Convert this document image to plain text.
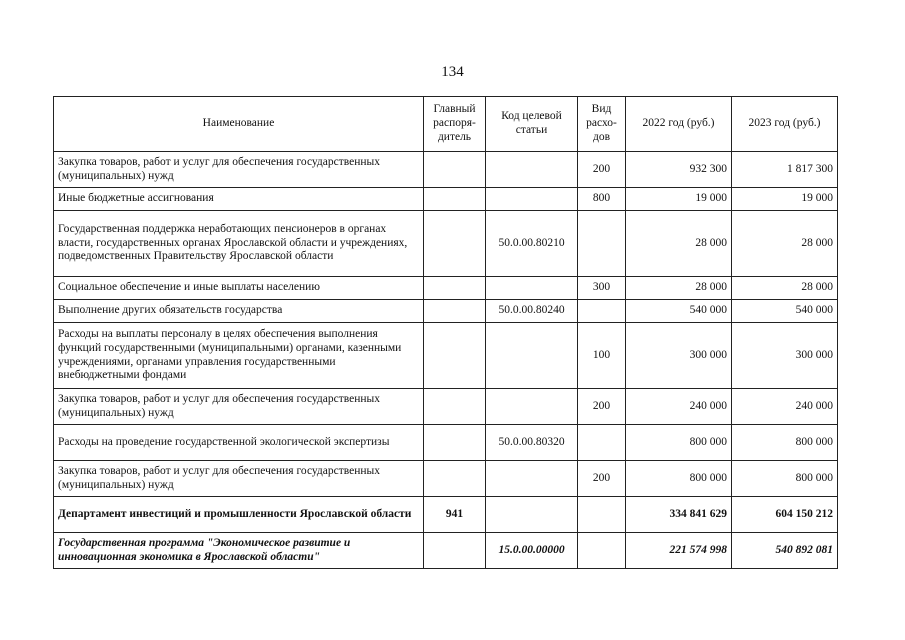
134
Наименование	Главный распоря-дитель	Код целевой статьи	Вид расхо-дов	2022 год (руб.)	2023 год (руб.)
Закупка товаров, работ и услуг для обеспечения государственных (муниципальных) нужд			200	932 300	1 817 300
Иные бюджетные ассигнования			800	19 000	19 000
Государственная поддержка неработающих пенсионеров в органах власти, государственных органах Ярославской области и учреждениях, подведомственных Правительству Ярославской области		50.0.00.80210		28 000	28 000
Социальное обеспечение и иные выплаты населению			300	28 000	28 000
Выполнение других обязательств государства		50.0.00.80240		540 000	540 000
Расходы на выплаты персоналу в целях обеспечения выполнения функций государственными (муниципальными) органами, казенными учреждениями, органами управления государственными внебюджетными фондами			100	300 000	300 000
Закупка товаров, работ и услуг для обеспечения государственных (муниципальных) нужд			200	240 000	240 000
Расходы на проведение государственной экологической экспертизы		50.0.00.80320		800 000	800 000
Закупка товаров, работ и услуг для обеспечения государственных (муниципальных) нужд			200	800 000	800 000
Департамент инвестиций и промышленности Ярославской области	941			334 841 629	604 150 212
Государственная программа "Экономическое развитие и инновационная экономика в Ярославской области"		15.0.00.00000		221 574 998	540 892 081
